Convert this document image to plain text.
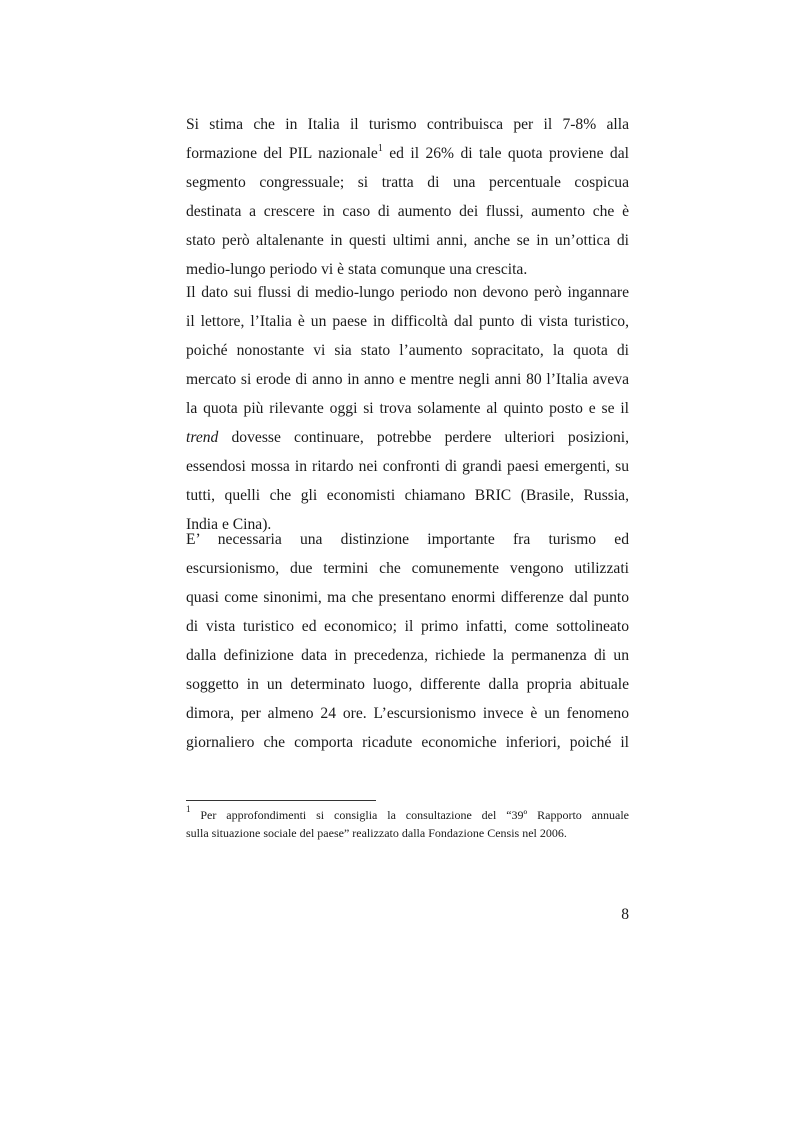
Si stima che in Italia il turismo contribuisca per il 7-8% alla
formazione del PIL nazionale$^1$ ed il 26% di tale quota proviene dal
segmento congressuale; si tratta di una percentuale cospicua
destinata a crescere in caso di aumento dei flussi, aumento che è
stato però altalenante in questi ultimi anni, anche se in un’ottica di
medio-lungo periodo vi è stata comunque una crescita.

Il dato sui flussi di medio-lungo periodo non devono però ingannare
il lettore, l’Italia è un paese in difficoltà dal punto di vista turistico,
poiché nonostante vi sia stato l’aumento sopracitato, la quota di
mercato si erode di anno in anno e mentre negli anni 80 l’Italia aveva
la quota più rilevante oggi si trova solamente al quinto posto e se il
trend dovesse continuare, potrebbe perdere ulteriori posizioni,
essendosi mossa in ritardo nei confronti di grandi paesi emergenti, su
tutti, quelli che gli economisti chiamano BRIC (Brasile, Russia,
India e Cina).

E’ necessaria una distinzione importante fra turismo ed
escursionismo, due termini che comunemente vengono utilizzati
quasi come sinonimi, ma che presentano enormi differenze dal punto
di vista turistico ed economico; il primo infatti, come sottolineato
dalla definizione data in precedenza, richiede la permanenza di un
soggetto in un determinato luogo, differente dalla propria abituale
dimora, per almeno 24 ore. L’escursionismo invece è un fenomeno
giornaliero che comporta ricadute economiche inferiori, poiché il

$^1$ Per approfondimenti si consiglia la consultazione del “39º Rapporto annuale
sulla situazione sociale del paese” realizzato dalla Fondazione Censis nel 2006.

8
